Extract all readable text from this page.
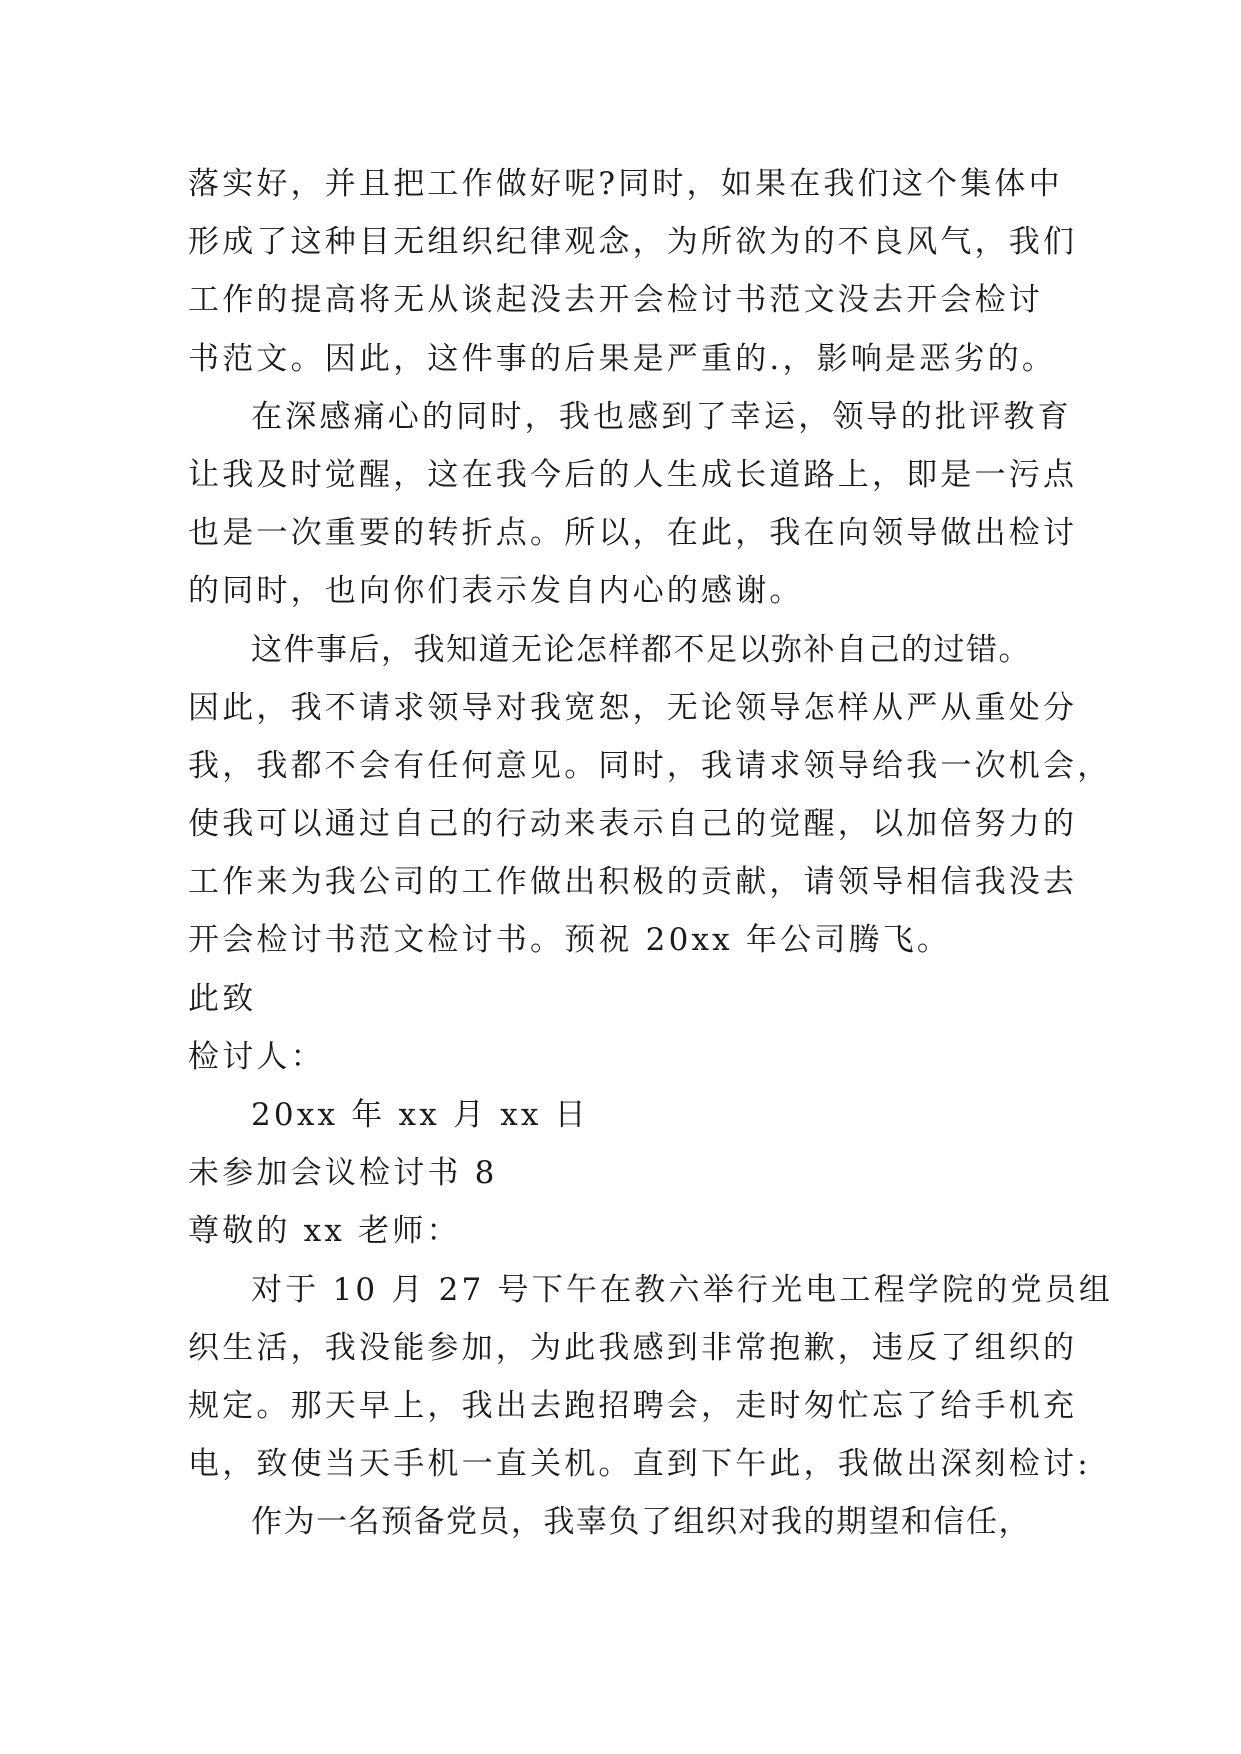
落实好，并且把工作做好呢?同时，如果在我们这个集体中
形成了这种目无组织纪律观念，为所欲为的不良风气，我们
工作的提高将无从谈起没去开会检讨书范文没去开会检讨
书范文。因此，这件事的后果是严重的.，影响是恶劣的。
在深感痛心的同时，我也感到了幸运，领导的批评教育
让我及时觉醒，这在我今后的人生成长道路上，即是一污点
也是一次重要的转折点。所以，在此，我在向领导做出检讨
的同时，也向你们表示发自内心的感谢。
这件事后，我知道无论怎样都不足以弥补自己的过错。
因此，我不请求领导对我宽恕，无论领导怎样从严从重处分
我，我都不会有任何意见。同时，我请求领导给我一次机会，
使我可以通过自己的行动来表示自己的觉醒，以加倍努力的
工作来为我公司的工作做出积极的贡献，请领导相信我没去
开会检讨书范文检讨书。预祝 20xx 年公司腾飞。
此致
检讨人：
20xx 年 xx 月 xx 日
未参加会议检讨书 8
尊敬的 xx 老师：
对于 10 月 27 号下午在教六举行光电工程学院的党员组
织生活，我没能参加，为此我感到非常抱歉，违反了组织的
规定。那天早上，我出去跑招聘会，走时匆忙忘了给手机充
电，致使当天手机一直关机。直到下午此，我做出深刻检讨:
作为一名预备党员，我辜负了组织对我的期望和信任，
